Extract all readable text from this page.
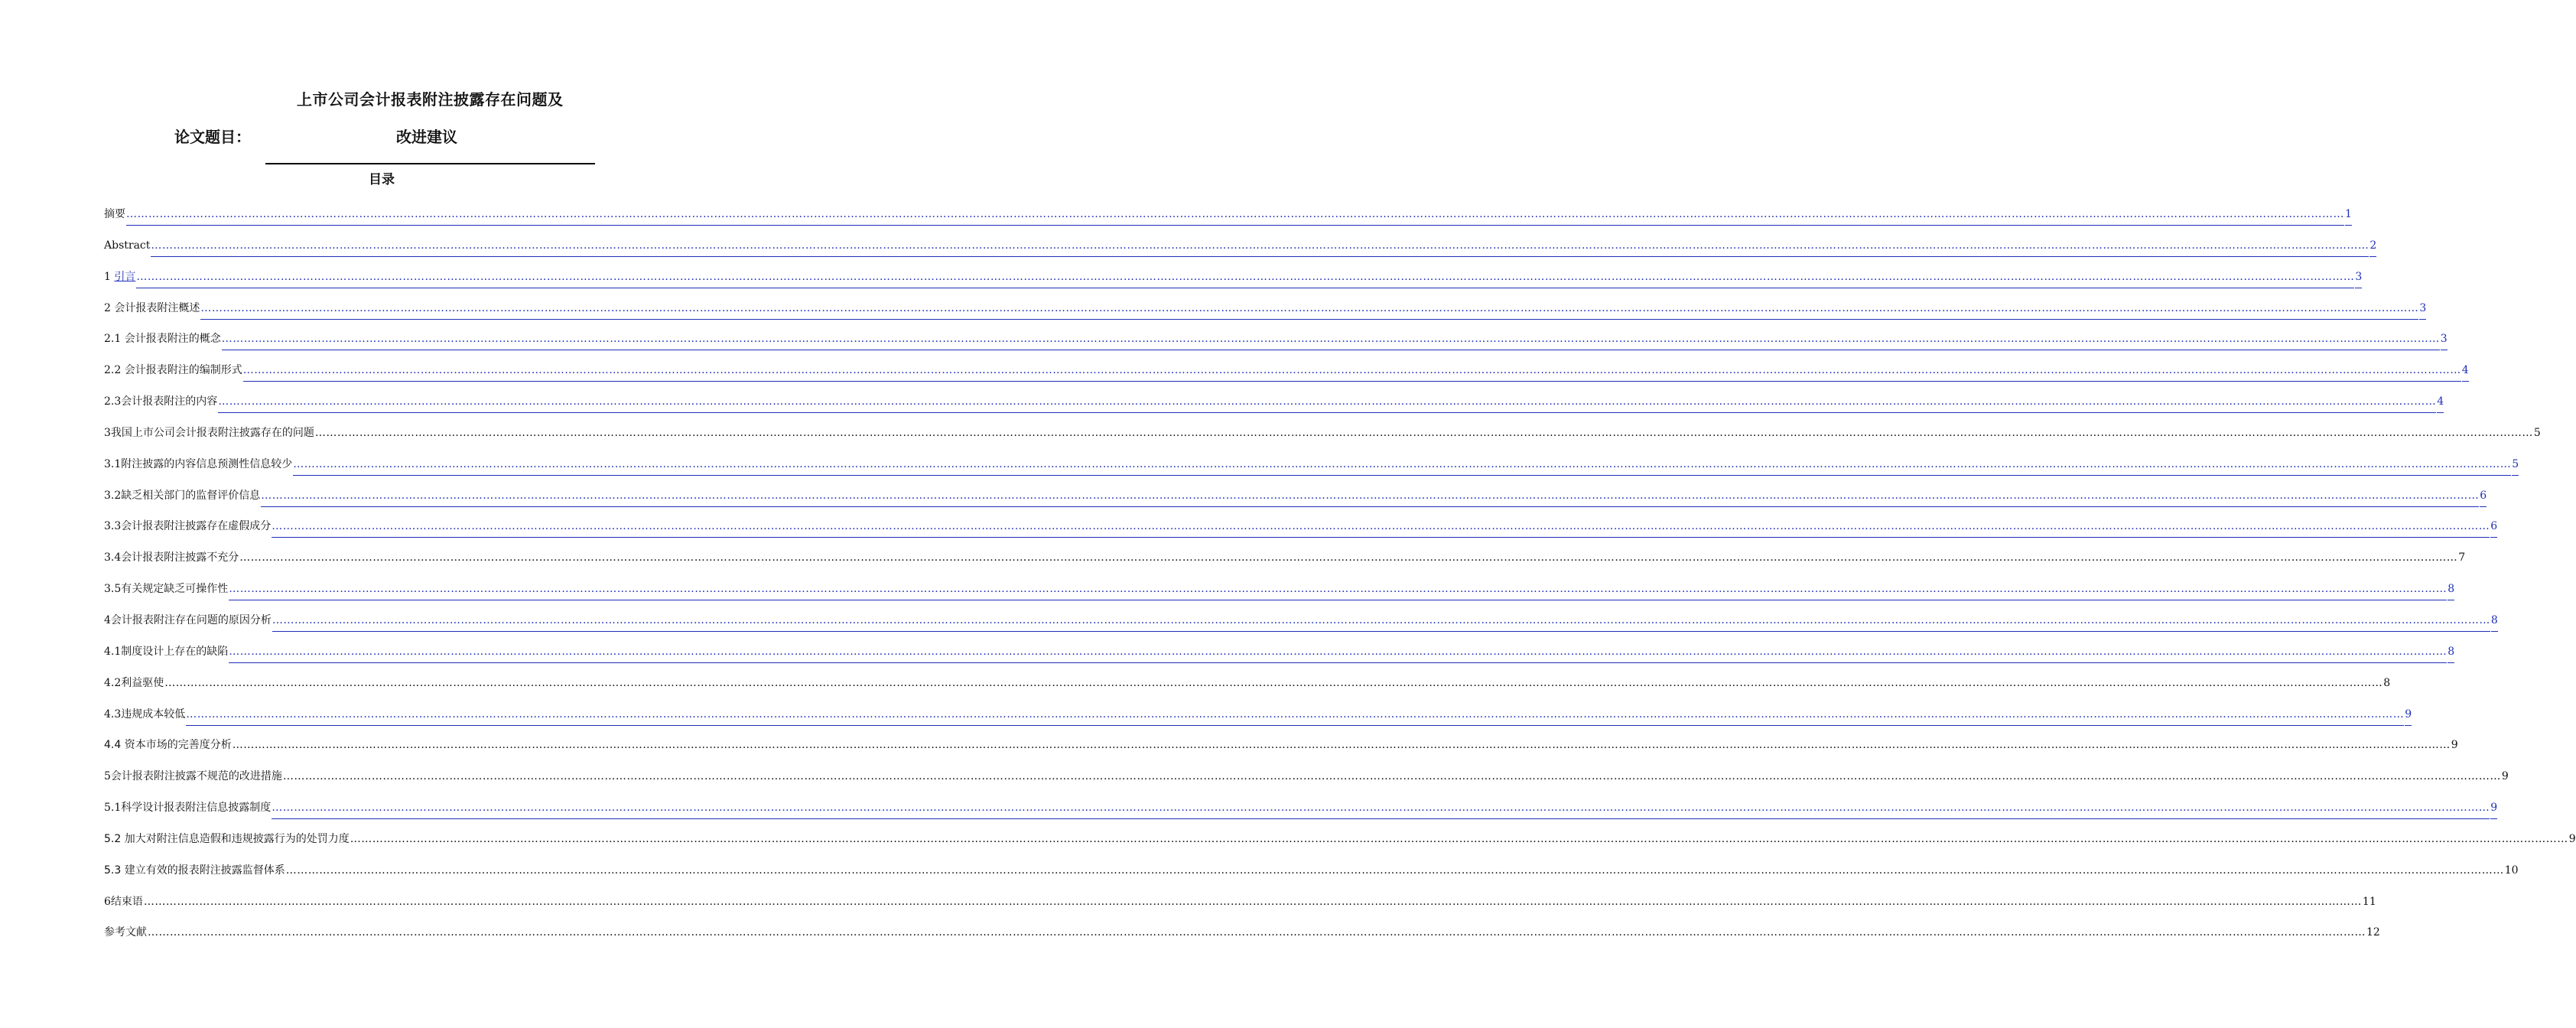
上市公司会计报表附注披露存在问题及
论文题目：	改进建议
目录
摘要 …………………………………………………………………………………………………………………………………………………………………………………………………………………………………………………………………………………………………………………………………………………………………………………………………………………………………………………………………………………………………………………………………………………… 1
Abstract …………………………………………………………………………………………………………………………………………………………………………………………………………………………………………………………………………………………………………………………………………………………………………………………………………………………………………………………………………………………………………………………………………………… 2
1 引言 …………………………………………………………………………………………………………………………………………………………………………………………………………………………………………………………………………………………………………………………………………………………………………………………………………………………………………………………………………………………………………………………………………………… 3
2 会计报表附注概述 …………………………………………………………………………………………………………………………………………………………………………………………………………………………………………………………………………………………………………………………………………………………………………………………………………………………………………………………………………………………………………………………………………………… 3
2.1 会计报表附注的概念 …………………………………………………………………………………………………………………………………………………………………………………………………………………………………………………………………………………………………………………………………………………………………………………………………………………………………………………………………………………………………………………………………………………… 3
2.2 会计报表附注的编制形式 …………………………………………………………………………………………………………………………………………………………………………………………………………………………………………………………………………………………………………………………………………………………………………………………………………………………………………………………………………………………………………………………………………………… 4
2.3会计报表附注的内容 …………………………………………………………………………………………………………………………………………………………………………………………………………………………………………………………………………………………………………………………………………………………………………………………………………………………………………………………………………………………………………………………………………………… 4
3我国上市公司会计报表附注披露存在的问题 …………………………………………………………………………………………………………………………………………………………………………………………………………………………………………………………………………………………………………………………………………………………………………………………………………………………………………………………………………………………………………………………………………………… 5
3.1附注披露的内容信息预测性信息较少 …………………………………………………………………………………………………………………………………………………………………………………………………………………………………………………………………………………………………………………………………………………………………………………………………………………………………………………………………………………………………………………………………………………… 5
3.2缺乏相关部门的监督评价信息 …………………………………………………………………………………………………………………………………………………………………………………………………………………………………………………………………………………………………………………………………………………………………………………………………………………………………………………………………………………………………………………………………………………… 6
3.3会计报表附注披露存在虚假成分 …………………………………………………………………………………………………………………………………………………………………………………………………………………………………………………………………………………………………………………………………………………………………………………………………………………………………………………………………………………………………………………………………………………… 6
3.4会计报表附注披露不充分 …………………………………………………………………………………………………………………………………………………………………………………………………………………………………………………………………………………………………………………………………………………………………………………………………………………………………………………………………………………………………………………………………………………… 7
3.5有关规定缺乏可操作性 …………………………………………………………………………………………………………………………………………………………………………………………………………………………………………………………………………………………………………………………………………………………………………………………………………………………………………………………………………………………………………………………………………………… 8
4会计报表附注存在问题的原因分析 …………………………………………………………………………………………………………………………………………………………………………………………………………………………………………………………………………………………………………………………………………………………………………………………………………………………………………………………………………………………………………………………………………………… 8
4.1制度设计上存在的缺陷 …………………………………………………………………………………………………………………………………………………………………………………………………………………………………………………………………………………………………………………………………………………………………………………………………………………………………………………………………………………………………………………………………………………… 8
4.2利益驱使 …………………………………………………………………………………………………………………………………………………………………………………………………………………………………………………………………………………………………………………………………………………………………………………………………………………………………………………………………………………………………………………………………………………… 8
4.3违规成本较低 …………………………………………………………………………………………………………………………………………………………………………………………………………………………………………………………………………………………………………………………………………………………………………………………………………………………………………………………………………………………………………………………………………………… 9
4.4 资本市场的完善度分析 …………………………………………………………………………………………………………………………………………………………………………………………………………………………………………………………………………………………………………………………………………………………………………………………………………………………………………………………………………………………………………………………………………………… 9
5会计报表附注披露不规范的改进措施 …………………………………………………………………………………………………………………………………………………………………………………………………………………………………………………………………………………………………………………………………………………………………………………………………………………………………………………………………………………………………………………………………………………… 9
5.1科学设计报表附注信息披露制度 …………………………………………………………………………………………………………………………………………………………………………………………………………………………………………………………………………………………………………………………………………………………………………………………………………………………………………………………………………………………………………………………………………………… 9
5.2 加大对附注信息造假和违规披露行为的处罚力度 …………………………………………………………………………………………………………………………………………………………………………………………………………………………………………………………………………………………………………………………………………………………………………………………………………………………………………………………………………………………………………………………………………………… 9
5.3 建立有效的报表附注披露监督体系 …………………………………………………………………………………………………………………………………………………………………………………………………………………………………………………………………………………………………………………………………………………………………………………………………………………………………………………………………………………………………………………………………………………… 10
6结束语 …………………………………………………………………………………………………………………………………………………………………………………………………………………………………………………………………………………………………………………………………………………………………………………………………………………………………………………………………………………………………………………………………………………… 11
参考文献 …………………………………………………………………………………………………………………………………………………………………………………………………………………………………………………………………………………………………………………………………………………………………………………………………………………………………………………………………………………………………………………………………………………… 12
